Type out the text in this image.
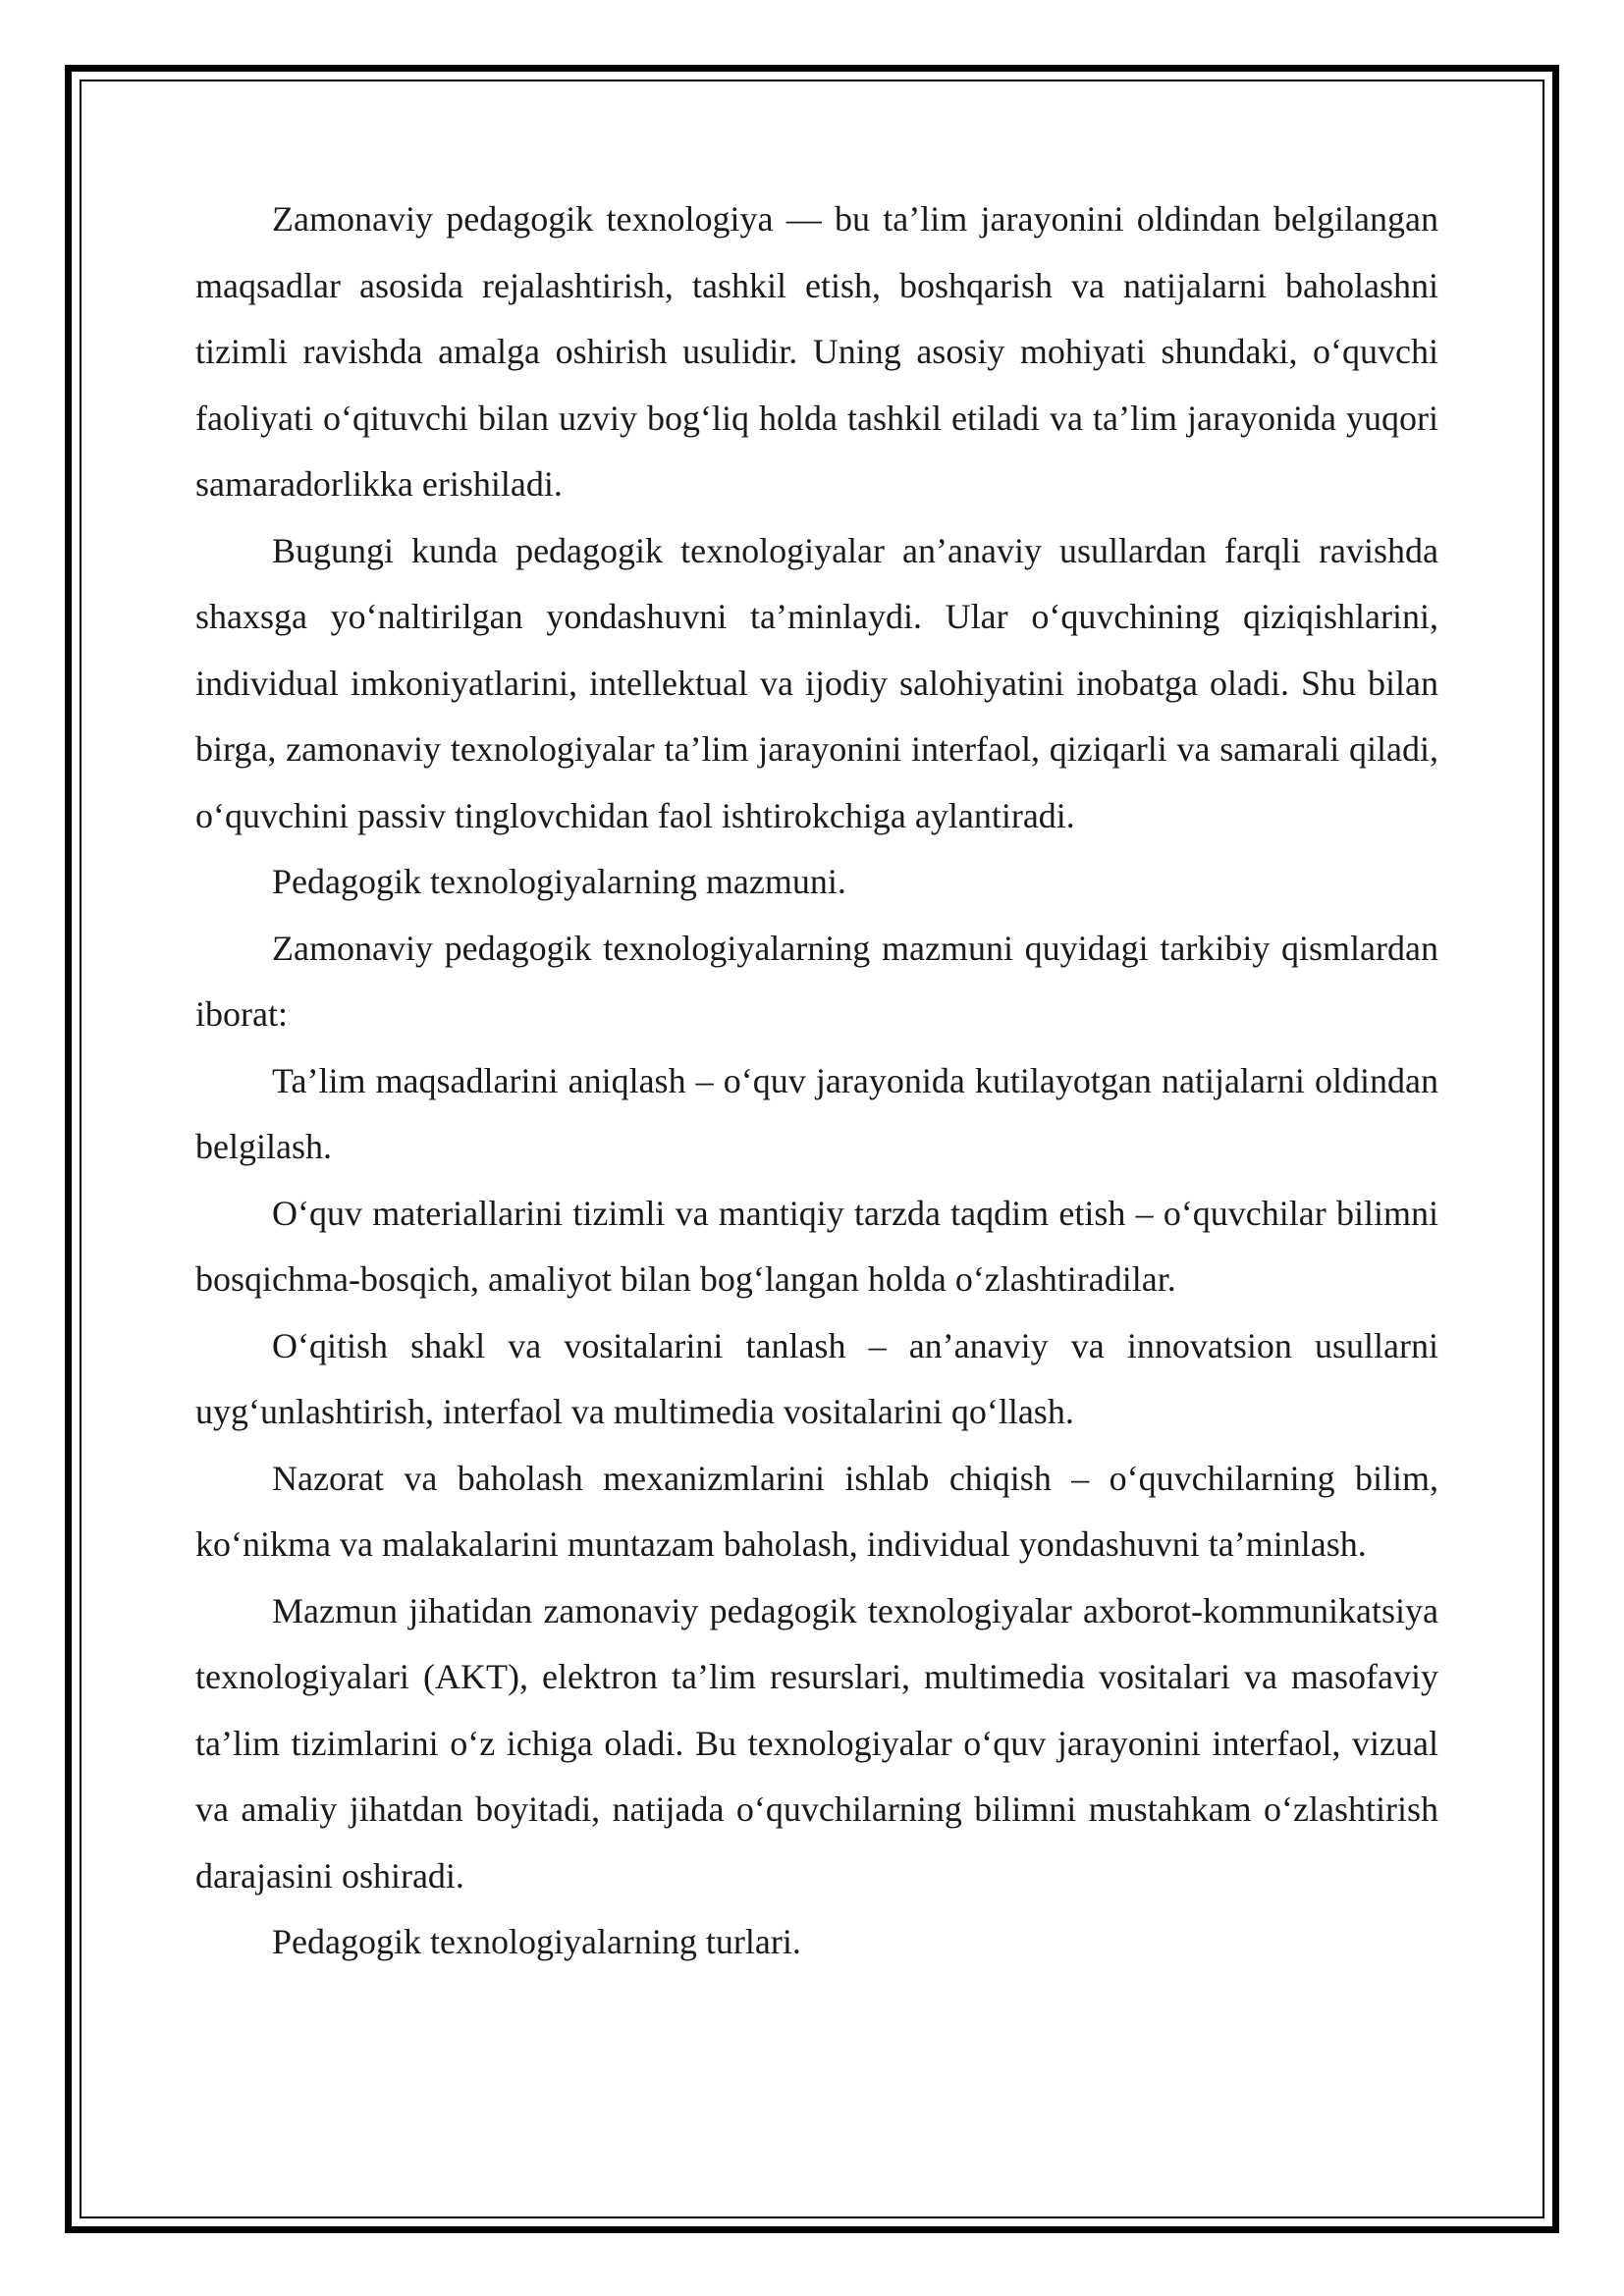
Zamonaviy pedagogik texnologiya — bu ta’lim jarayonini oldindan belgilangan maqsadlar asosida rejalashtirish, tashkil etish, boshqarish va natijalarni baholashni tizimli ravishda amalga oshirish usulidir. Uning asosiy mohiyati shundaki, o‘quvchi faoliyati o‘qituvchi bilan uzviy bog‘liq holda tashkil etiladi va ta’lim jarayonida yuqori samaradorlikka erishiladi.

Bugungi kunda pedagogik texnologiyalar an’anaviy usullardan farqli ravishda shaxsga yo‘naltirilgan yondashuvni ta’minlaydi. Ular o‘quvchining qiziqishlarini, individual imkoniyatlarini, intellektual va ijodiy salohiyatini inobatga oladi. Shu bilan birga, zamonaviy texnologiyalar ta’lim jarayonini interfaol, qiziqarli va samarali qiladi, o‘quvchini passiv tinglovchidan faol ishtirokchiga aylantiradi.

Pedagogik texnologiyalarning mazmuni.

Zamonaviy pedagogik texnologiyalarning mazmuni quyidagi tarkibiy qismlardan iborat:

Ta’lim maqsadlarini aniqlash – o‘quv jarayonida kutilayotgan natijalarni oldindan belgilash.

O‘quv materiallarini tizimli va mantiqiy tarzda taqdim etish – o‘quvchilar bilimni bosqichma-bosqich, amaliyot bilan bog‘langan holda o‘zlashtiradilar.

O‘qitish shakl va vositalarini tanlash – an’anaviy va innovatsion usullarni uyg‘unlashtirish, interfaol va multimedia vositalarini qo‘llash.

Nazorat va baholash mexanizmlarini ishlab chiqish – o‘quvchilarning bilim, ko‘nikma va malakalarini muntazam baholash, individual yondashuvni ta’minlash.

Mazmun jihatidan zamonaviy pedagogik texnologiyalar axborot-kommunikatsiya texnologiyalari (AKT), elektron ta’lim resurslari, multimedia vositalari va masofaviy ta’lim tizimlarini o‘z ichiga oladi. Bu texnologiyalar o‘quv jarayonini interfaol, vizual va amaliy jihatdan boyitadi, natijada o‘quvchilarning bilimni mustahkam o‘zlashtirish darajasini oshiradi.

Pedagogik texnologiyalarning turlari.
